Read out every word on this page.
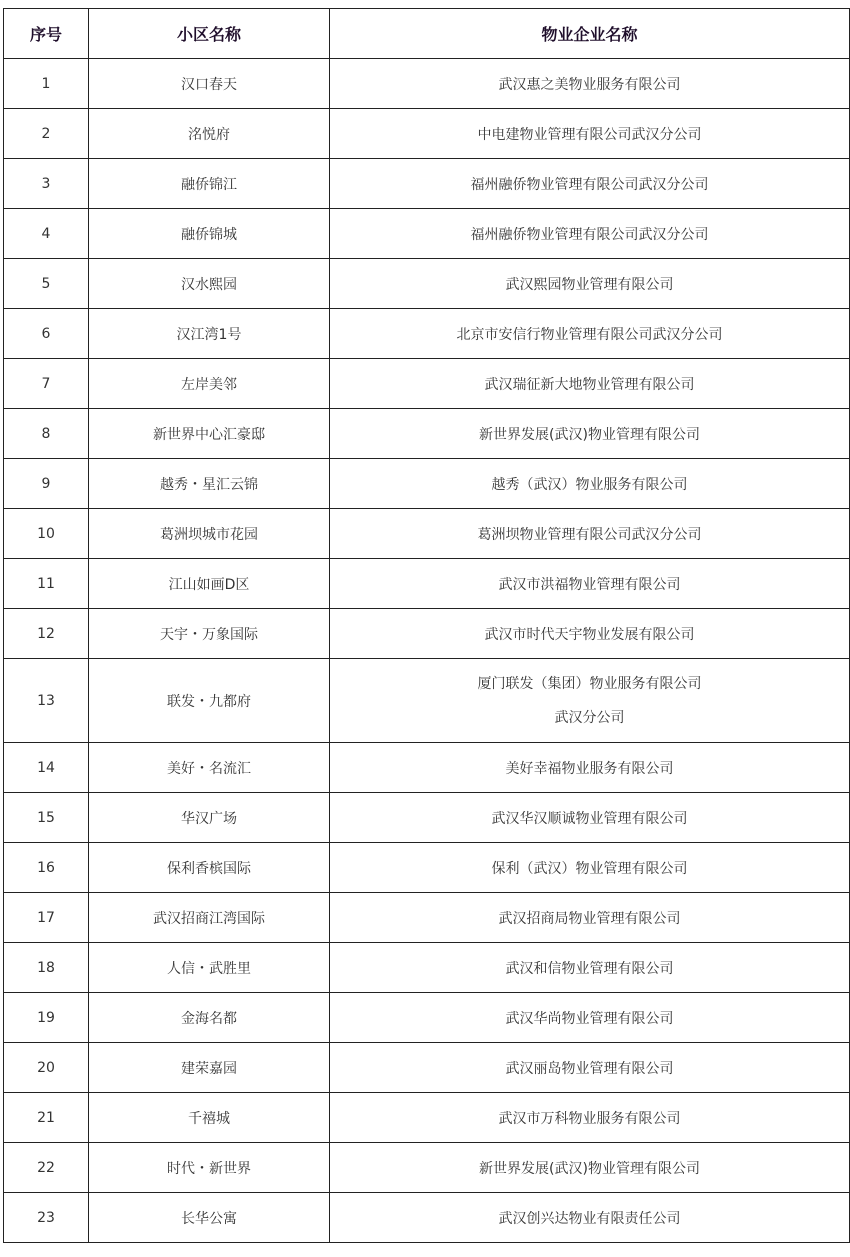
序号	小区名称	物业企业名称
1	汉口春天	武汉惠之美物业服务有限公司
2	洺悦府	中电建物业管理有限公司武汉分公司
3	融侨锦江	福州融侨物业管理有限公司武汉分公司
4	融侨锦城	福州融侨物业管理有限公司武汉分公司
5	汉水熙园	武汉熙园物业管理有限公司
6	汉江湾1号	北京市安信行物业管理有限公司武汉分公司
7	左岸美邻	武汉瑞征新大地物业管理有限公司
8	新世界中心汇豪邸	新世界发展(武汉)物业管理有限公司
9	越秀・星汇云锦	越秀（武汉）物业服务有限公司
10	葛洲坝城市花园	葛洲坝物业管理有限公司武汉分公司
11	江山如画D区	武汉市洪福物业管理有限公司
12	天宇・万象国际	武汉市时代天宇物业发展有限公司
13	联发・九都府	厦门联发（集团）物业服务有限公司
武汉分公司

14	美好・名流汇	美好幸福物业服务有限公司
15	华汉广场	武汉华汉顺诚物业管理有限公司
16	保利香槟国际	保利（武汉）物业管理有限公司
17	武汉招商江湾国际	武汉招商局物业管理有限公司
18	人信・武胜里	武汉和信物业管理有限公司
19	金海名都	武汉华尚物业管理有限公司
20	建荣嘉园	武汉丽岛物业管理有限公司
21	千禧城	武汉市万科物业服务有限公司
22	时代・新世界	新世界发展(武汉)物业管理有限公司
23	长华公寓	武汉创兴达物业有限责任公司
